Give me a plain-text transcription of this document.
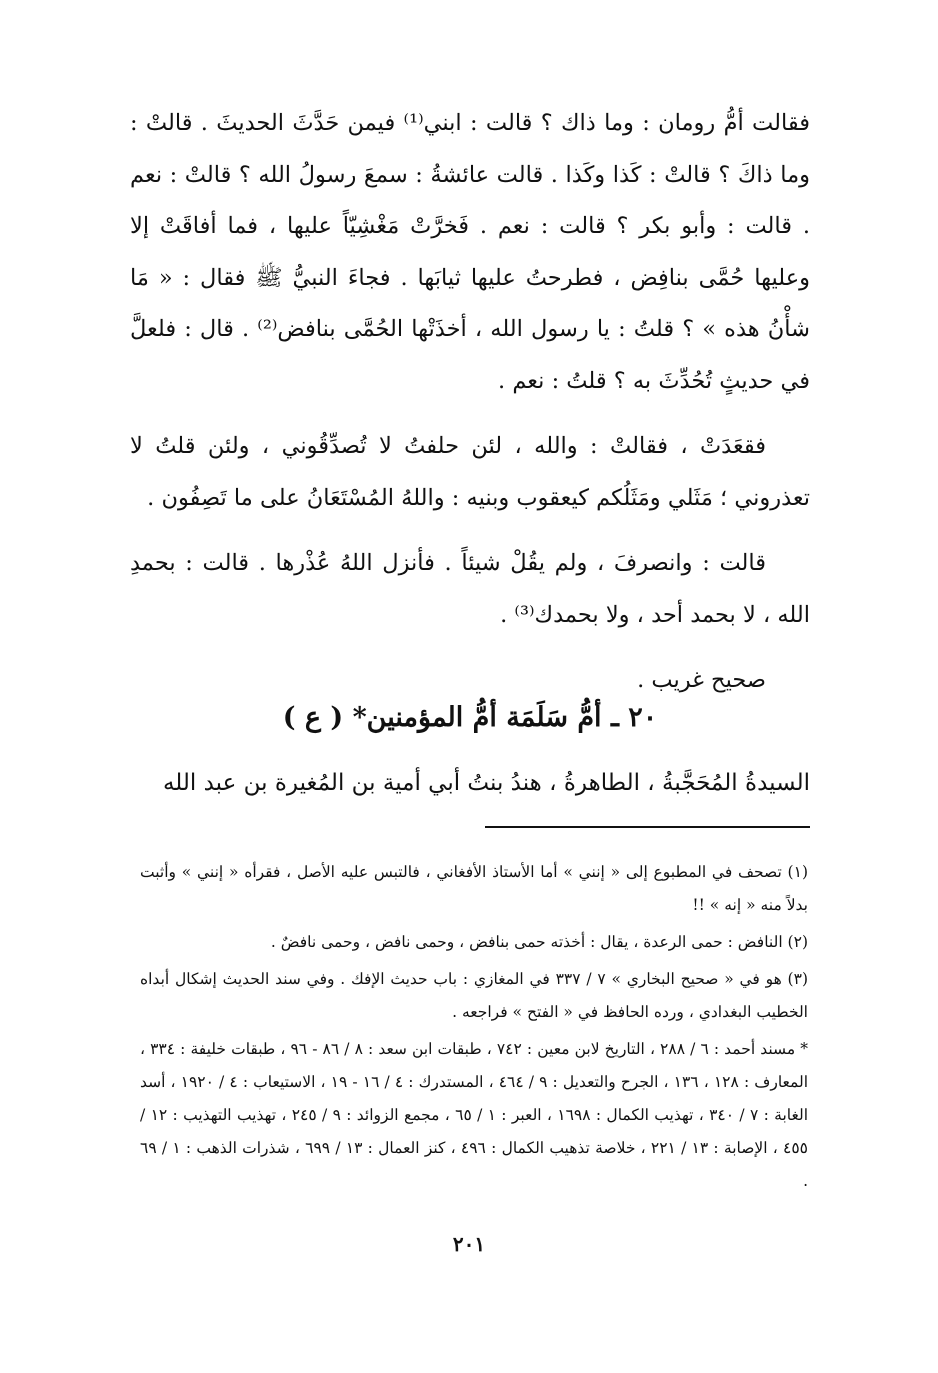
فقالت أمُّ رومان : وما ذاك ؟ قالت : ابني⁽¹⁾ فيمن حَدَّثَ الحديثَ . قالتْ : وما ذاكَ ؟ قالتْ : كَذا وكَذا . قالت عائشةُ : سمعَ رسولُ الله ؟ قالتْ : نعم . قالت : وأبو بكر ؟ قالت : نعم . فَخرَّتْ مَغْشِيّاً عليها ، فما أفاقَتْ إلا وعليها حُمَّى بنافِض ، فطرحتُ عليها ثيابَها . فجاءَ النبيُّ ﷺ فقال : « مَا شأْنُ هذه » ؟ قلتُ : يا رسول الله ، أخذَتْها الحُمَّى بنافض⁽²⁾ . قال : فلعلَّ في حديثٍ تُحُدِّثَ به ؟ قلتُ : نعم .

فقعَدَتْ ، فقالتْ : والله ، لئن حلفتُ لا تُصدِّقُوني ، ولئن قلتُ لا تعذروني ؛ مَثَلي ومَثَلُكم كيعقوب وبنيه : واللهُ المُسْتَعَانُ على ما تَصِفُون .

قالت : وانصرفَ ، ولم يقُلْ شيئاً . فأنزل اللهُ عُذْرها . قالت : بحمدِ الله ، لا بحمد أحد ، ولا بحمدك⁽³⁾ .

صحيح غريب .

٢٠ ـ أمُّ سَلَمَة أمُّ المؤمنين* ( ع )
السيدةُ المُحَجَّبةُ ، الطاهرةُ ، هندُ بنتُ أبي أمية بن المُغيرة بن عبد الله

(١) تصحف في المطبوع إلى « إنني » أما الأستاذ الأفغاني ، فالتبس عليه الأصل ، فقرأه « إنني » وأثبت بدلاً منه « إنه » !!

(٢) النافض : حمى الرعدة ، يقال : أخذته حمى بنافض ، وحمى نافض ، وحمى نافضٌ .

(٣) هو في « صحيح البخاري » ٧ / ٣٣٧ في المغازي : باب حديث الإفك . وفي سند الحديث إشكال أبداه الخطيب البغدادي ، ورده الحافظ في « الفتح » فراجعه .

* مسند أحمد : ٦ / ٢٨٨ ، التاريخ لابن معين : ٧٤٢ ، طبقات ابن سعد : ٨ / ٨٦ - ٩٦ ، طبقات خليفة : ٣٣٤ ، المعارف : ١٢٨ ، ١٣٦ ، الجرح والتعديل : ٩ / ٤٦٤ ، المستدرك : ٤ / ١٦ - ١٩ ، الاستيعاب : ٤ / ١٩٢٠ ، أسد الغابة : ٧ / ٣٤٠ ، تهذيب الكمال : ١٦٩٨ ، العبر : ١ / ٦٥ ، مجمع الزوائد : ٩ / ٢٤٥ ، تهذيب التهذيب : ١٢ / ٤٥٥ ، الإصابة : ١٣ / ٢٢١ ، خلاصة تذهيب الكمال : ٤٩٦ ، كنز العمال : ١٣ / ٦٩٩ ، شذرات الذهب : ١ / ٦٩ .

٢٠١
